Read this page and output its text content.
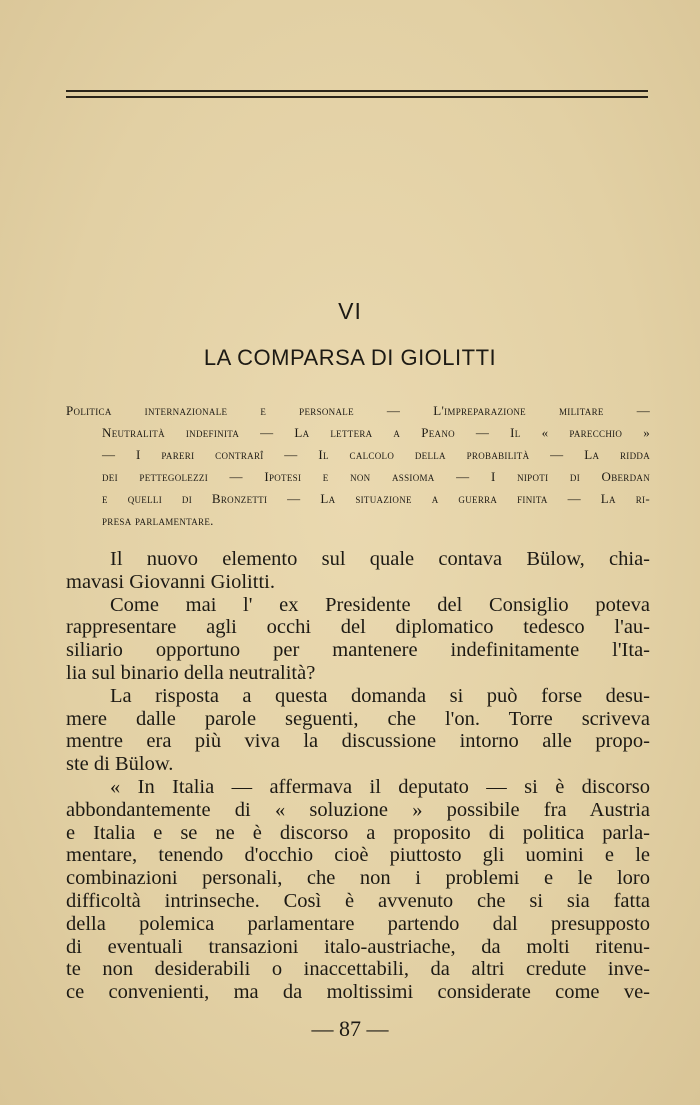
VI
LA COMPARSA DI GIOLITTI
Politica internazionale e personale — L'impreparazione militare —
Neutralità indefinita — La lettera a Peano — Il « parecchio »
— I pareri contrarî — Il calcolo della probabilità — La ridda
dei pettegolezzi — Ipotesi e non assioma — I nipoti di Oberdan
e quelli di Bronzetti — La situazione a guerra finita — La ri-
presa parlamentare.
Il nuovo elemento sul quale contava Bülow, chia-
mavasi Giovanni Giolitti.
Come mai l' ex Presidente del Consiglio poteva
rappresentare agli occhi del diplomatico tedesco l'au-
siliario opportuno per mantenere indefinitamente l'Ita-
lia sul binario della neutralità?
La risposta a questa domanda si può forse desu-
mere dalle parole seguenti, che l'on. Torre scriveva
mentre era più viva la discussione intorno alle propo-
ste di Bülow.
« In Italia — affermava il deputato — si è discorso
abbondantemente di « soluzione » possibile fra Austria
e Italia e se ne è discorso a proposito di politica parla-
mentare, tenendo d'occhio cioè piuttosto gli uomini e le
combinazioni personali, che non i problemi e le loro
difficoltà intrinseche. Così è avvenuto che si sia fatta
della polemica parlamentare partendo dal presupposto
di eventuali transazioni italo-austriache, da molti ritenu-
te non desiderabili o inaccettabili, da altri credute inve-
ce convenienti, ma da moltissimi considerate come ve-
— 87 —
